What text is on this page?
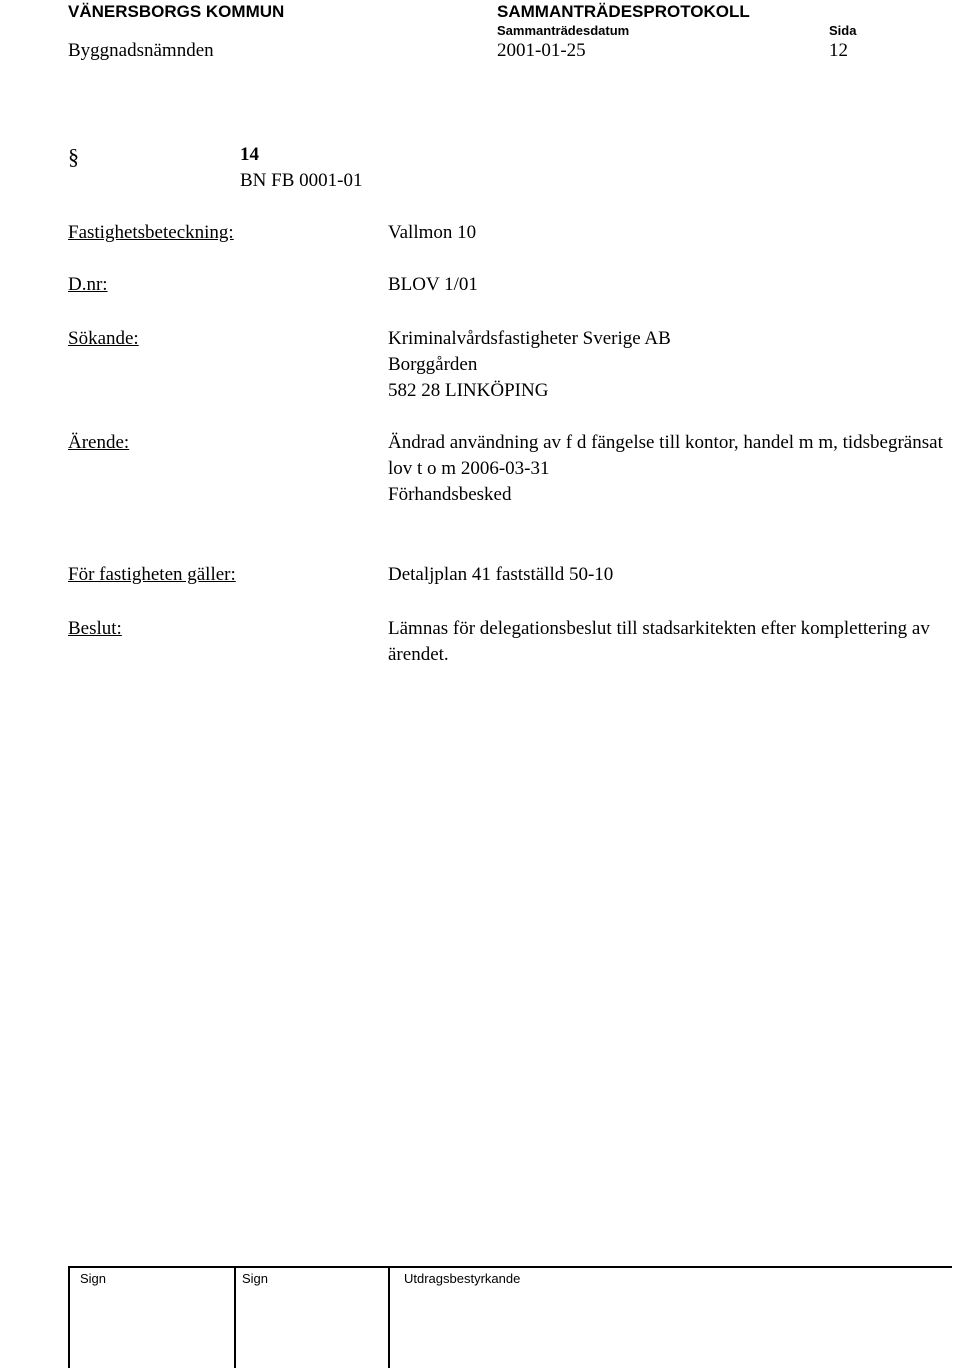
VÄNERSBORGS KOMMUN	SAMMANTRÄDESPROTOKOLL
Sammanträdesdatum	Sida
Byggnadsnämnden	2001-01-25	12
§	14
BN FB 0001-01
Fastighetsbeteckning:	Vallmon 10
D.nr:	BLOV 1/01
Sökande:	Kriminalvårdsfastigheter Sverige AB
Borggården
582 28 LINKÖPING
Ärende:	Ändrad användning av f d fängelse till kontor, handel m m, tidsbegränsat
lov t o m 2006-03-31
Förhandsbesked
För fastigheten gäller:	Detaljplan 41 fastställd 50-10
Beslut:	Lämnas för delegationsbeslut till stadsarkitekten efter komplettering av
ärendet.
Sign	Sign	Utdragsbestyrkande
